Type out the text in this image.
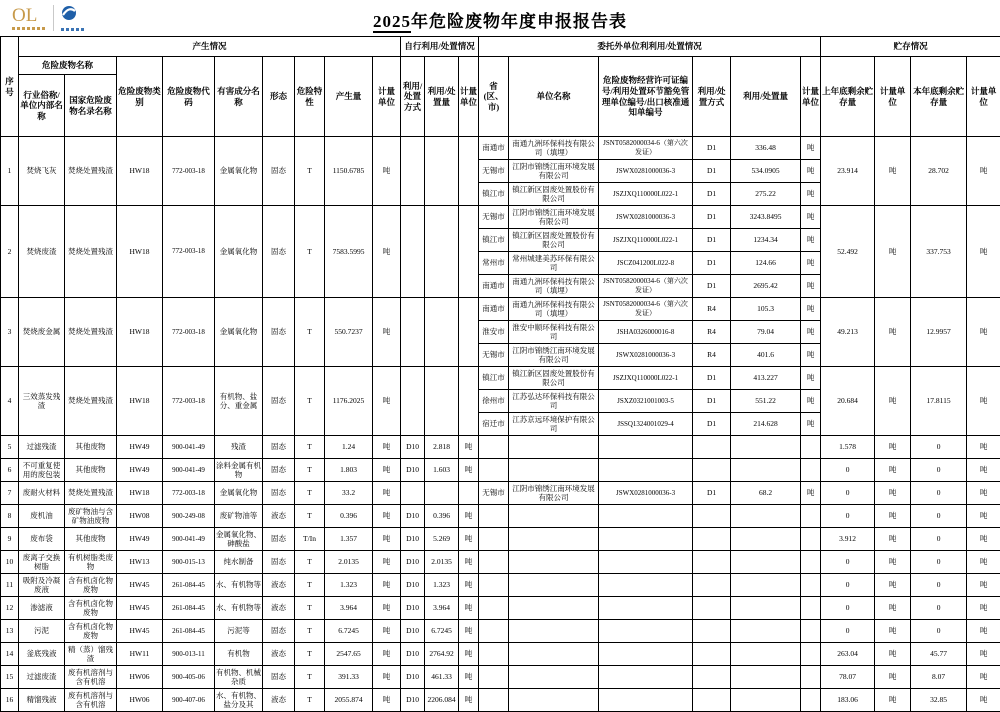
OL	2025年危险废物年度申报报告表
序号	产生情况									自行利用/处置情况			委托外单位利利用/处置情况						贮存情况			
	危险废物名称		危险废物类别	危险废物代码	有害成分名称	形态	危险特性	产生量	计量单位	利用/处置方式	利用/处置量	计量单位	省(区、市)	单位名称	危险废物经营许可证编号/利用处置环节豁免管理单位编号/出口核准通知单编号	利用/处置方式	利用/处置量	计量单位	上年底剩余贮存量	计量单位	本年底剩余贮存量	计量单位
	行业俗称/单位内部名称	国家危险废物名录名称																				
1	焚烧飞灰	焚烧处置残渣	HW18	772-003-18	金属氧化物	固态	T	1150.6785	吨				南通市	南通九洲环保科技有限公司（填埋）	JSNT0582000034-6（第六次发证）	D1	336.48	吨	23.914	吨	28.702	吨
													无锡市	江阴市锦绣江南环境发展有限公司	JSWX0281000036-3	D1	534.0905	吨				
													镇江市	镇江新区固废处置股份有限公司	JSZJXQ110000L022-1	D1	275.22	吨				
2	焚烧废渣	焚烧处置残渣	HW18	772-003-18	金属氧化物	固态	T	7583.5995	吨				无锡市	江阴市锦绣江南环境发展有限公司	JSWX0281000036-3	D1	3243.8495	吨	52.492	吨	337.753	吨
													镇江市	镇江新区固废处置股份有限公司	JSZJXQ110000L022-1	D1	1234.34	吨				
													常州市	常州城建美苏环保有限公司	JSCZ041200L022-8	D1	124.66	吨				
													南通市	南通九洲环保科技有限公司（填埋）	JSNT0582000034-6（第六次发证）	D1	2695.42	吨				
3	焚烧废金属	焚烧处置残渣	HW18	772-003-18	金属氧化物	固态	T	550.7237	吨				南通市	南通九洲环保科技有限公司（填埋）	JSNT0582000034-6（第六次发证）	R4	105.3	吨	49.213	吨	12.9957	吨
													淮安市	淮安中顺环保科技有限公司	JSHA0326000016-8	R4	79.04	吨				
													无锡市	江阴市锦绣江南环境发展有限公司	JSWX0281000036-3	R4	401.6	吨				
4	三效蒸发残渣	焚烧处置残渣	HW18	772-003-18	有机物、盐分、重金属	固态	T	1176.2025	吨				镇江市	镇江新区固废处置股份有限公司	JSZJXQ110000L022-1	D1	413.227	吨	20.684	吨	17.8115	吨
													徐州市	江苏弘达环保科技有限公司	JSXZ0321001003-5	D1	551.22	吨				
													宿迁市	江苏京远环境保护有限公司	JSSQ1324001029-4	D1	214.628	吨				
5	过滤残渣	其他废物	HW49	900-041-49	残渣	固态	T	1.24	吨	D10	2.818	吨							1.578	吨	0	吨
6	不可重复使用的废包装	其他废物	HW49	900-041-49	涂料金属有机物	固态	T	1.803	吨	D10	1.603	吨							0	吨	0	吨
7	废耐火材料	焚烧处置残渣	HW18	772-003-18	金属氧化物	固态	T	33.2	吨				无锡市	江阴市锦绣江南环境发展有限公司	JSWX0281000036-3	D1	68.2	吨	0	吨	0	吨
8	废机油	废矿物油与含矿物油废物	HW08	900-249-08	废矿物油等	液态	T	0.396	吨	D10	0.396	吨							0	吨	0	吨
9	废布袋	其他废物	HW49	900-041-49	金属氧化物、砷酸盐	固态	T/In	1.357	吨	D10	5.269	吨							3.912	吨	0	吨
10	废离子交换树脂	有机树脂类废物	HW13	900-015-13	纯水制备	固态	T	2.0135	吨	D10	2.0135	吨							0	吨	0	吨
11	吸附及冷凝废液	含有机卤化物废物	HW45	261-084-45	水、有机物等	液态	T	1.323	吨	D10	1.323	吨							0	吨	0	吨
12	渗滤液	含有机卤化物废物	HW45	261-084-45	水、有机物等	液态	T	3.964	吨	D10	3.964	吨							0	吨	0	吨
13	污泥	含有机卤化物废物	HW45	261-084-45	污泥等	固态	T	6.7245	吨	D10	6.7245	吨							0	吨	0	吨
14	釜底残液	精（蒸）馏残渣	HW11	900-013-11	有机物	液态	T	2547.65	吨	D10	2764.92	吨							263.04	吨	45.77	吨
15	过滤废渣	废有机溶剂与含有机溶	HW06	900-405-06	有机物、机械杂质	固态	T	391.33	吨	D10	461.33	吨							78.07	吨	8.07	吨
16	精馏残液	废有机溶剂与含有机溶	HW06	900-407-06	水、有机物、盐分及其	液态	T	2055.874	吨	D10	2206.084	吨							183.06	吨	32.85	吨
